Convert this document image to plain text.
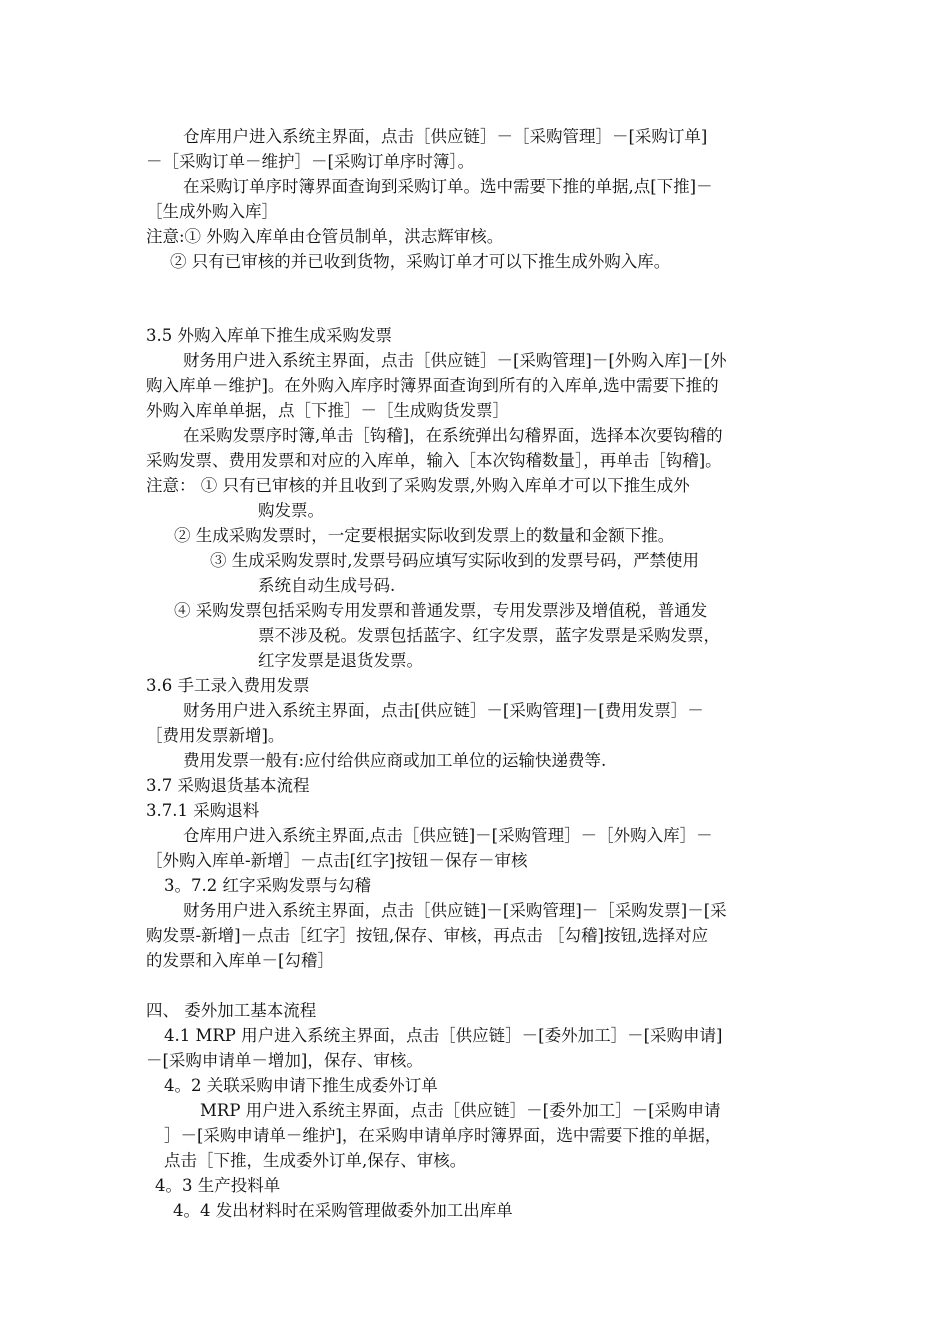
仓库用户进入系统主界面，点击［供应链］－［采购管理］－[采购订单]
－［采购订单－维护］－[采购订单序时簿］。
在采购订单序时簿界面查询到采购订单。选中需要下推的单据,点[下推]－
［生成外购入库］
注意:① 外购入库单由仓管员制单，洪志辉审核。
② 只有已审核的并已收到货物，采购订单才可以下推生成外购入库。
3.5 外购入库单下推生成采购发票
财务用户进入系统主界面，点击［供应链］－[采购管理]－[外购入库]－[外
购入库单－维护]。在外购入库序时簿界面查询到所有的入库单,选中需要下推的
外购入库单单据，点［下推］－［生成购货发票］
在采购发票序时簿,单击［钩稽]，在系统弹出勾稽界面，选择本次要钩稽的
采购发票、费用发票和对应的入库单，输入［本次钩稽数量］，再单击［钩稽]。
注意： ① 只有已审核的并且收到了采购发票,外购入库单才可以下推生成外
购发票。
② 生成采购发票时，一定要根据实际收到发票上的数量和金额下推。
③ 生成采购发票时,发票号码应填写实际收到的发票号码，严禁使用
系统自动生成号码.
④ 采购发票包括采购专用发票和普通发票，专用发票涉及增值税，普通发
票不涉及税。发票包括蓝字、红字发票，蓝字发票是采购发票，
红字发票是退货发票。
3.6 手工录入费用发票
财务用户进入系统主界面，点击[供应链］－[采购管理]－[费用发票］－
［费用发票新增]。
费用发票一般有:应付给供应商或加工单位的运输快递费等.
3.7 采购退货基本流程
3.7.1 采购退料
仓库用户进入系统主界面,点击［供应链]－[采购管理］－［外购入库］－
［外购入库单-新增］－点击[红字]按钮－保存－审核
3。7.2 红字采购发票与勾稽
财务用户进入系统主界面，点击［供应链]－[采购管理]－［采购发票]－[采
购发票-新增]－点击［红字］按钮,保存、审核，再点击 ［勾稽]按钮,选择对应
的发票和入库单－[勾稽］
四、 委外加工基本流程
4.1 MRP 用户进入系统主界面，点击［供应链］－[委外加工］－[采购申请]
－[采购申请单－增加]，保存、审核。
4。2 关联采购申请下推生成委外订单
MRP 用户进入系统主界面，点击［供应链］－[委外加工］－[采购申请
］－[采购申请单－维护]，在采购申请单序时簿界面，选中需要下推的单据，
点击［下推，生成委外订单,保存、审核。
4。3 生产投料单
4。4 发出材料时在采购管理做委外加工出库单
